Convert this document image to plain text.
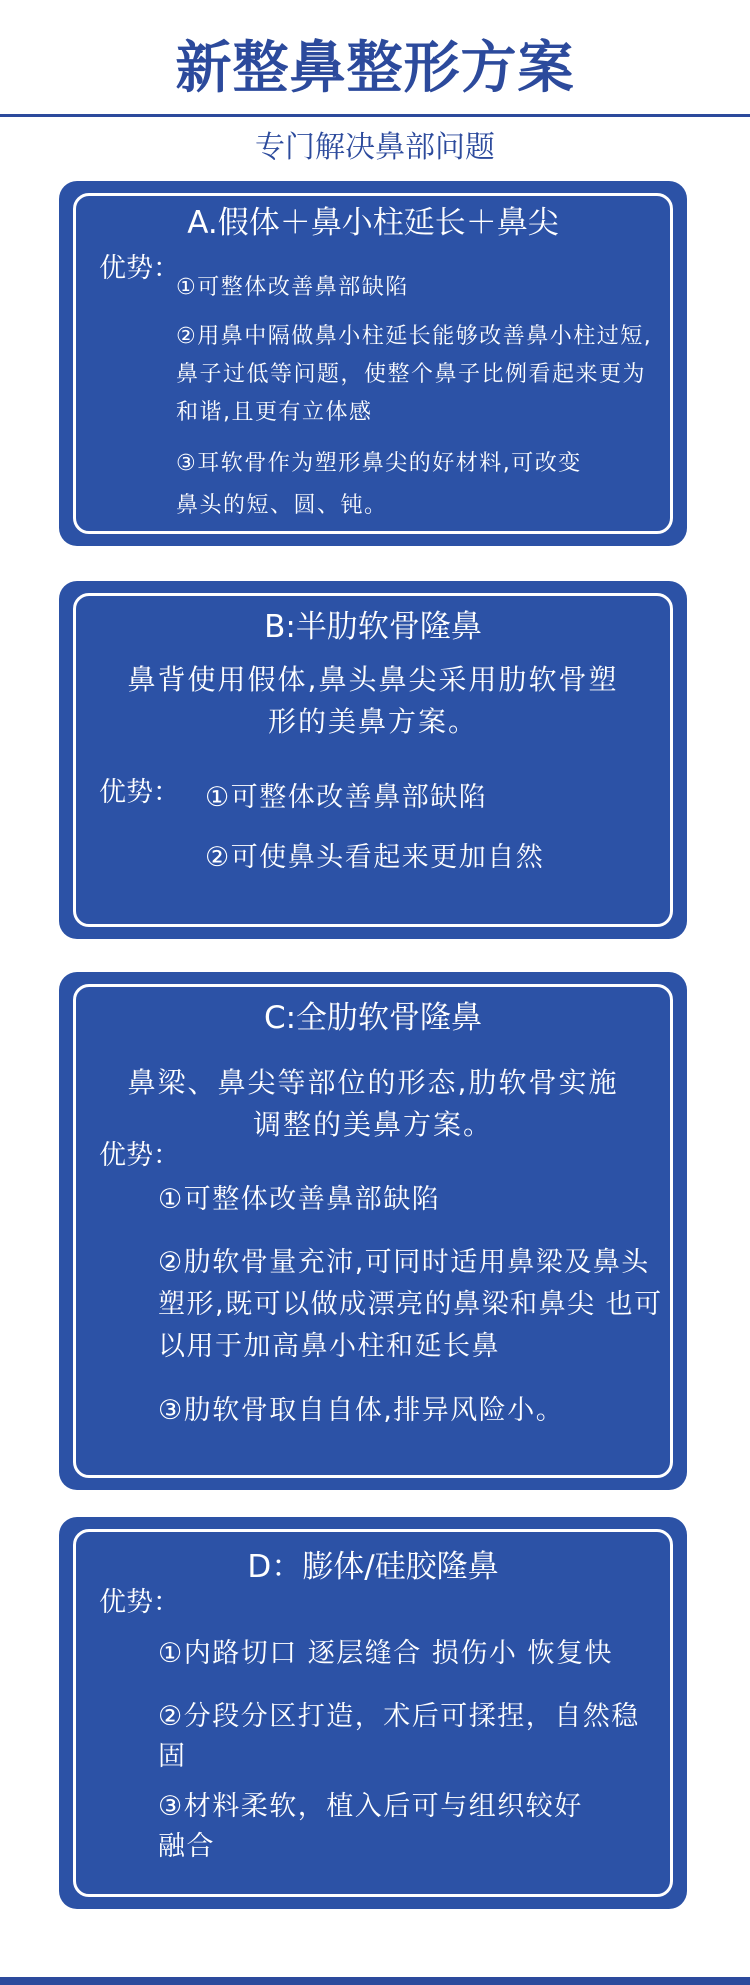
新整鼻整形方案
专门解决鼻部问题
A.假体＋鼻小柱延长＋鼻尖
优势：
①可整体改善鼻部缺陷
②用鼻中隔做鼻小柱延长能够改善鼻小柱过短,鼻子过低等问题，使整个鼻子比例看起来更为和谐,且更有立体感
③耳软骨作为塑形鼻尖的好材料,可改变鼻头的短、圆、钝。
B:半肋软骨隆鼻
鼻背使用假体,鼻头鼻尖采用肋软骨塑形的美鼻方案。
优势： ①可整体改善鼻部缺陷
②可使鼻头看起来更加自然
C:全肋软骨隆鼻
鼻梁、鼻尖等部位的形态,肋软骨实施调整的美鼻方案。
优势：
①可整体改善鼻部缺陷
②肋软骨量充沛,可同时适用鼻梁及鼻头塑形,既可以做成漂亮的鼻梁和鼻尖 也可以用于加高鼻小柱和延长鼻
③肋软骨取自自体,排异风险小。
D：膨体/硅胶隆鼻
优势：
①内路切口 逐层缝合 损伤小 恢复快
②分段分区打造，术后可揉捏，自然稳固
③材料柔软，植入后可与组织较好融合
